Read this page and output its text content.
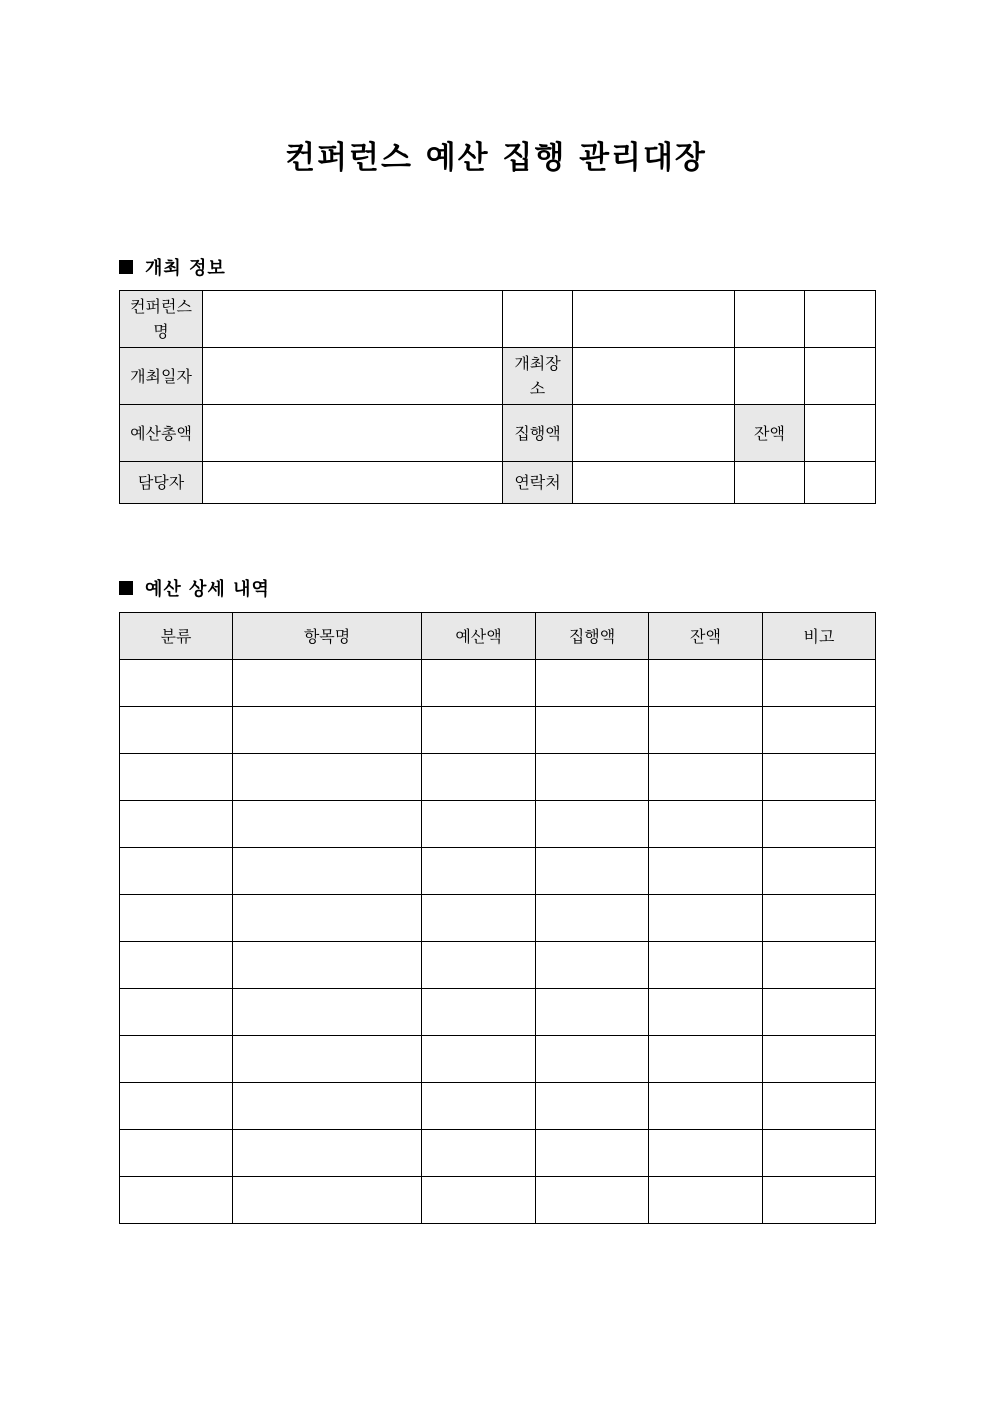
컨퍼런스 예산 집행 관리대장
개최 정보
컨퍼런스명					
개최일자		개최장소			
예산총액		집행액		잔액	
담당자		연락처			
예산 상세 내역
분류	항목명	예산액	집행액	잔액	비고
